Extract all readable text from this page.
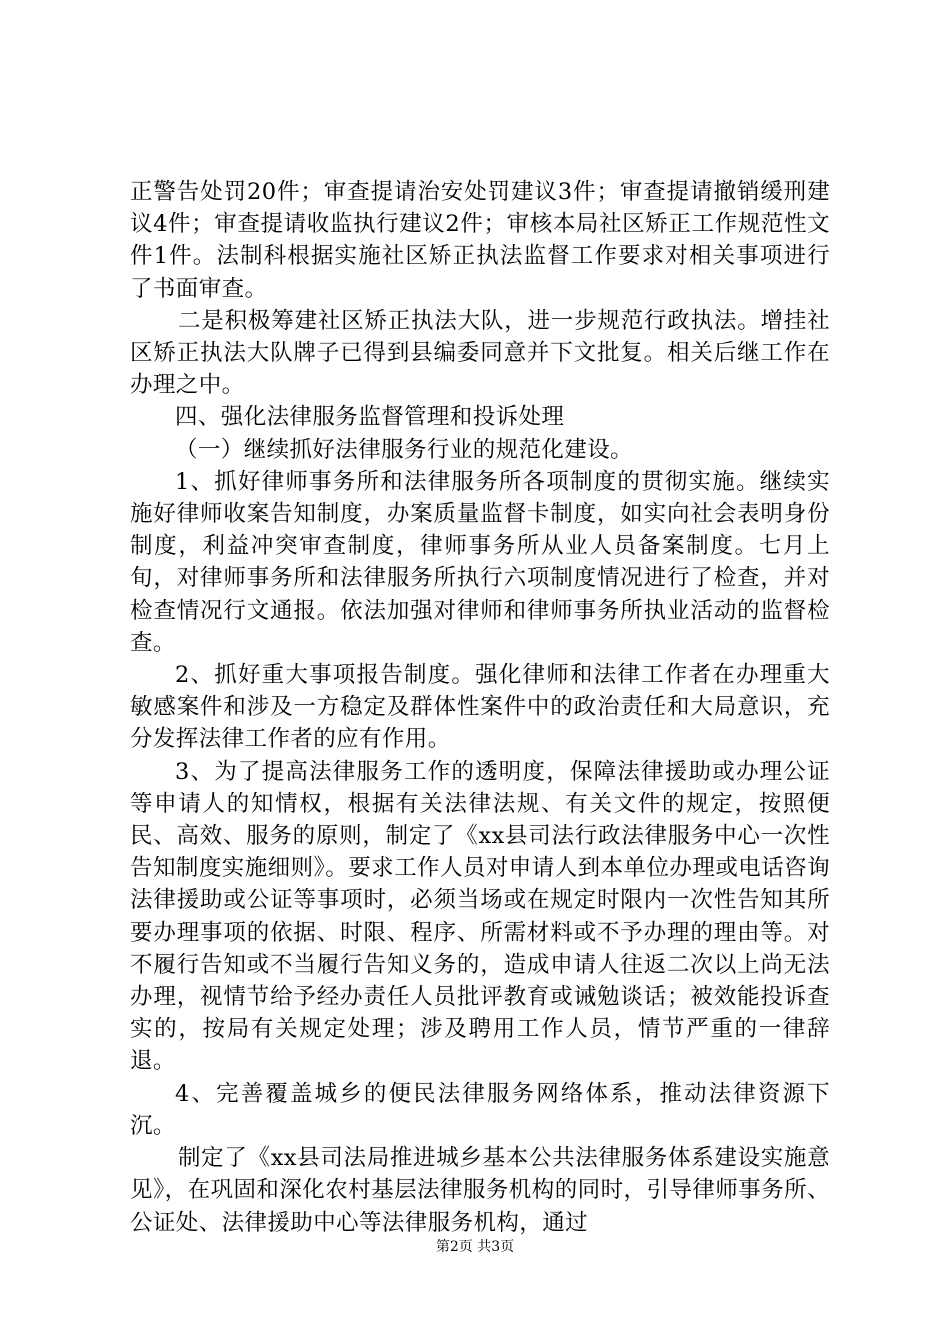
正警告处罚20件；审查提请治安处罚建议3件；审查提请撤销缓刑建议4件；审查提请收监执行建议2件；审核本局社区矫正工作规范性文件1件。法制科根据实施社区矫正执法监督工作要求对相关事项进行了书面审查。

二是积极筹建社区矫正执法大队，进一步规范行政执法。增挂社区矫正执法大队牌子已得到县编委同意并下文批复。相关后继工作在办理之中。

四、强化法律服务监督管理和投诉处理

（一）继续抓好法律服务行业的规范化建设。

1、抓好律师事务所和法律服务所各项制度的贯彻实施。继续实施好律师收案告知制度，办案质量监督卡制度，如实向社会表明身份制度，利益冲突审查制度，律师事务所从业人员备案制度。七月上旬，对律师事务所和法律服务所执行六项制度情况进行了检查，并对检查情况行文通报。依法加强对律师和律师事务所执业活动的监督检查。

2、抓好重大事项报告制度。强化律师和法律工作者在办理重大敏感案件和涉及一方稳定及群体性案件中的政治责任和大局意识，充分发挥法律工作者的应有作用。

3、为了提高法律服务工作的透明度，保障法律援助或办理公证等申请人的知情权，根据有关法律法规、有关文件的规定，按照便民、高效、服务的原则，制定了《xx县司法行政法律服务中心一次性告知制度实施细则》。要求工作人员对申请人到本单位办理或电话咨询法律援助或公证等事项时，必须当场或在规定时限内一次性告知其所要办理事项的依据、时限、程序、所需材料或不予办理的理由等。对不履行告知或不当履行告知义务的，造成申请人往返二次以上尚无法办理，视情节给予经办责任人员批评教育或诫勉谈话；被效能投诉查实的，按局有关规定处理；涉及聘用工作人员，情节严重的一律辞退。

4、完善覆盖城乡的便民法律服务网络体系，推动法律资源下沉。

制定了《xx县司法局推进城乡基本公共法律服务体系建设实施意见》，在巩固和深化农村基层法律服务机构的同时，引导律师事务所、公证处、法律援助中心等法律服务机构，通过

第2页 共3页
